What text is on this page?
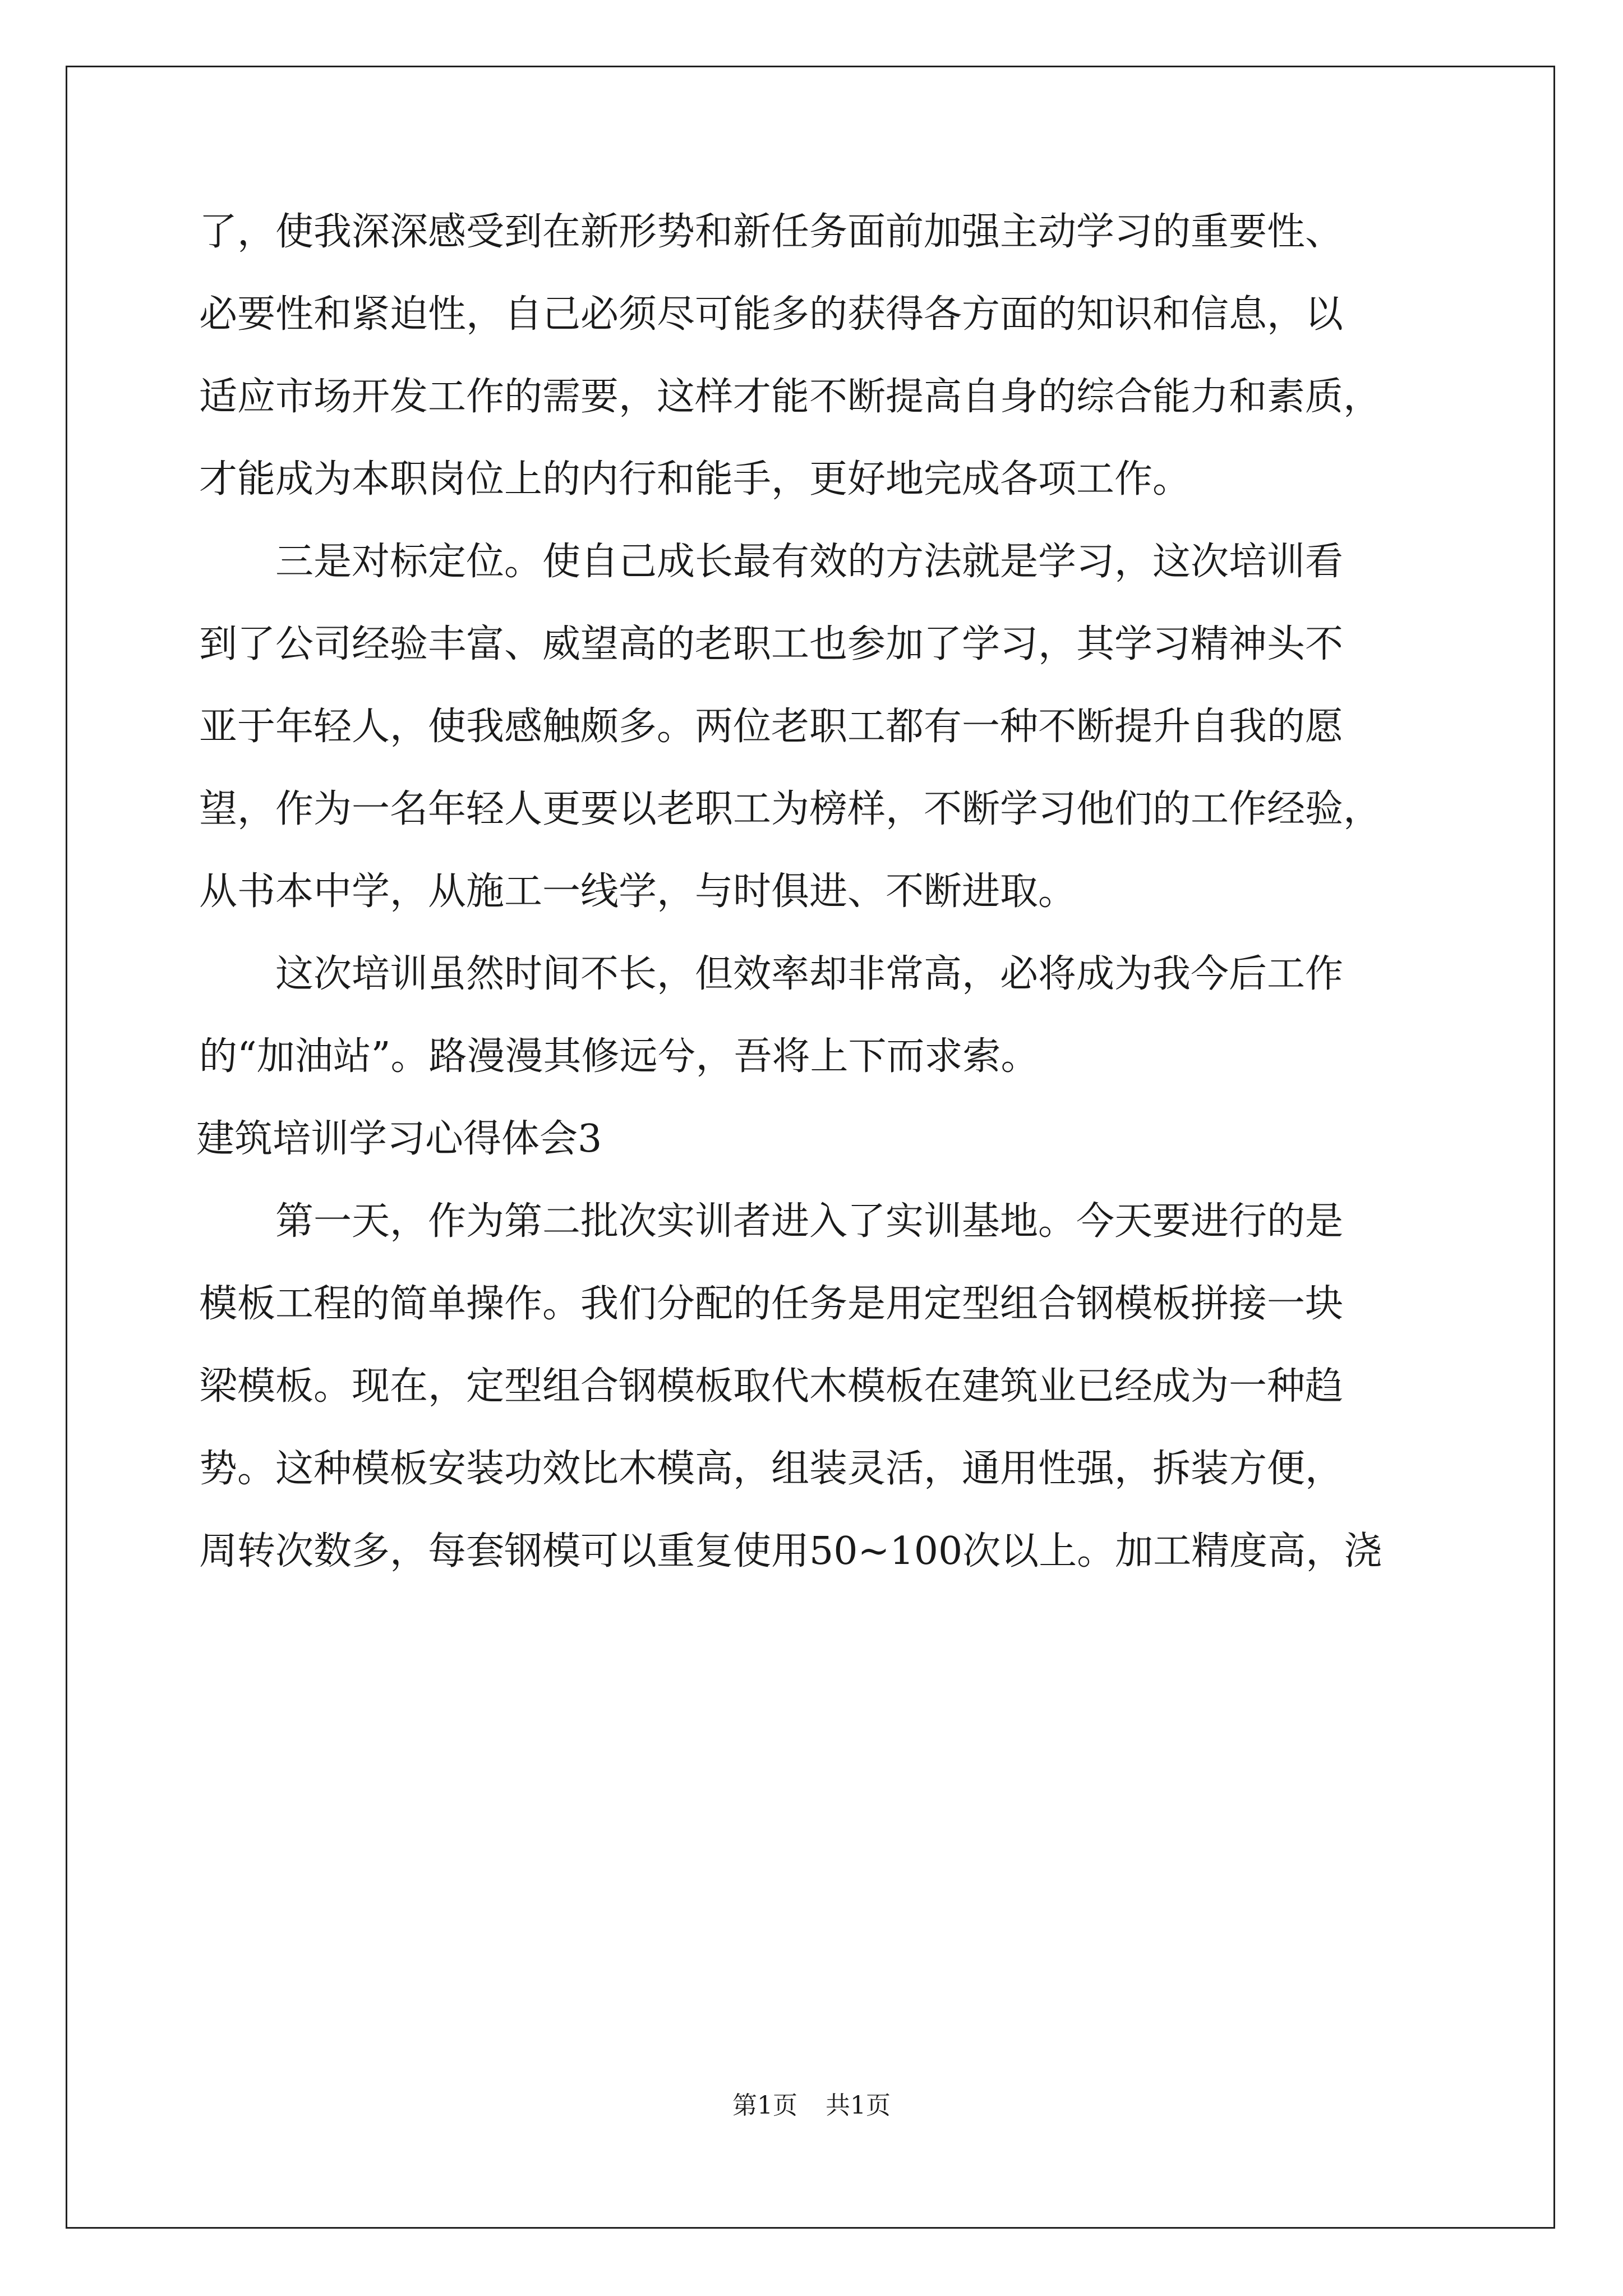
了，使我深深感受到在新形势和新任务面前加强主动学习的重要性、
必要性和紧迫性，自己必须尽可能多的获得各方面的知识和信息，以
适应市场开发工作的需要，这样才能不断提高自身的综合能力和素质，
才能成为本职岗位上的内行和能手，更好地完成各项工作。
　　三是对标定位。使自己成长最有效的方法就是学习，这次培训看
到了公司经验丰富、威望高的老职工也参加了学习，其学习精神头不
亚于年轻人，使我感触颇多。两位老职工都有一种不断提升自我的愿
望，作为一名年轻人更要以老职工为榜样，不断学习他们的工作经验，
从书本中学，从施工一线学，与时俱进、不断进取。
　　这次培训虽然时间不长，但效率却非常高，必将成为我今后工作
的“加油站”。路漫漫其修远兮，吾将上下而求索。
建筑培训学习心得体会3
　　第一天，作为第二批次实训者进入了实训基地。今天要进行的是
模板工程的简单操作。我们分配的任务是用定型组合钢模板拼接一块
梁模板。现在，定型组合钢模板取代木模板在建筑业已经成为一种趋
势。这种模板安装功效比木模高，组装灵活，通用性强，拆装方便，
周转次数多，每套钢模可以重复使用50~100次以上。加工精度高，浇
第1页 共1页
